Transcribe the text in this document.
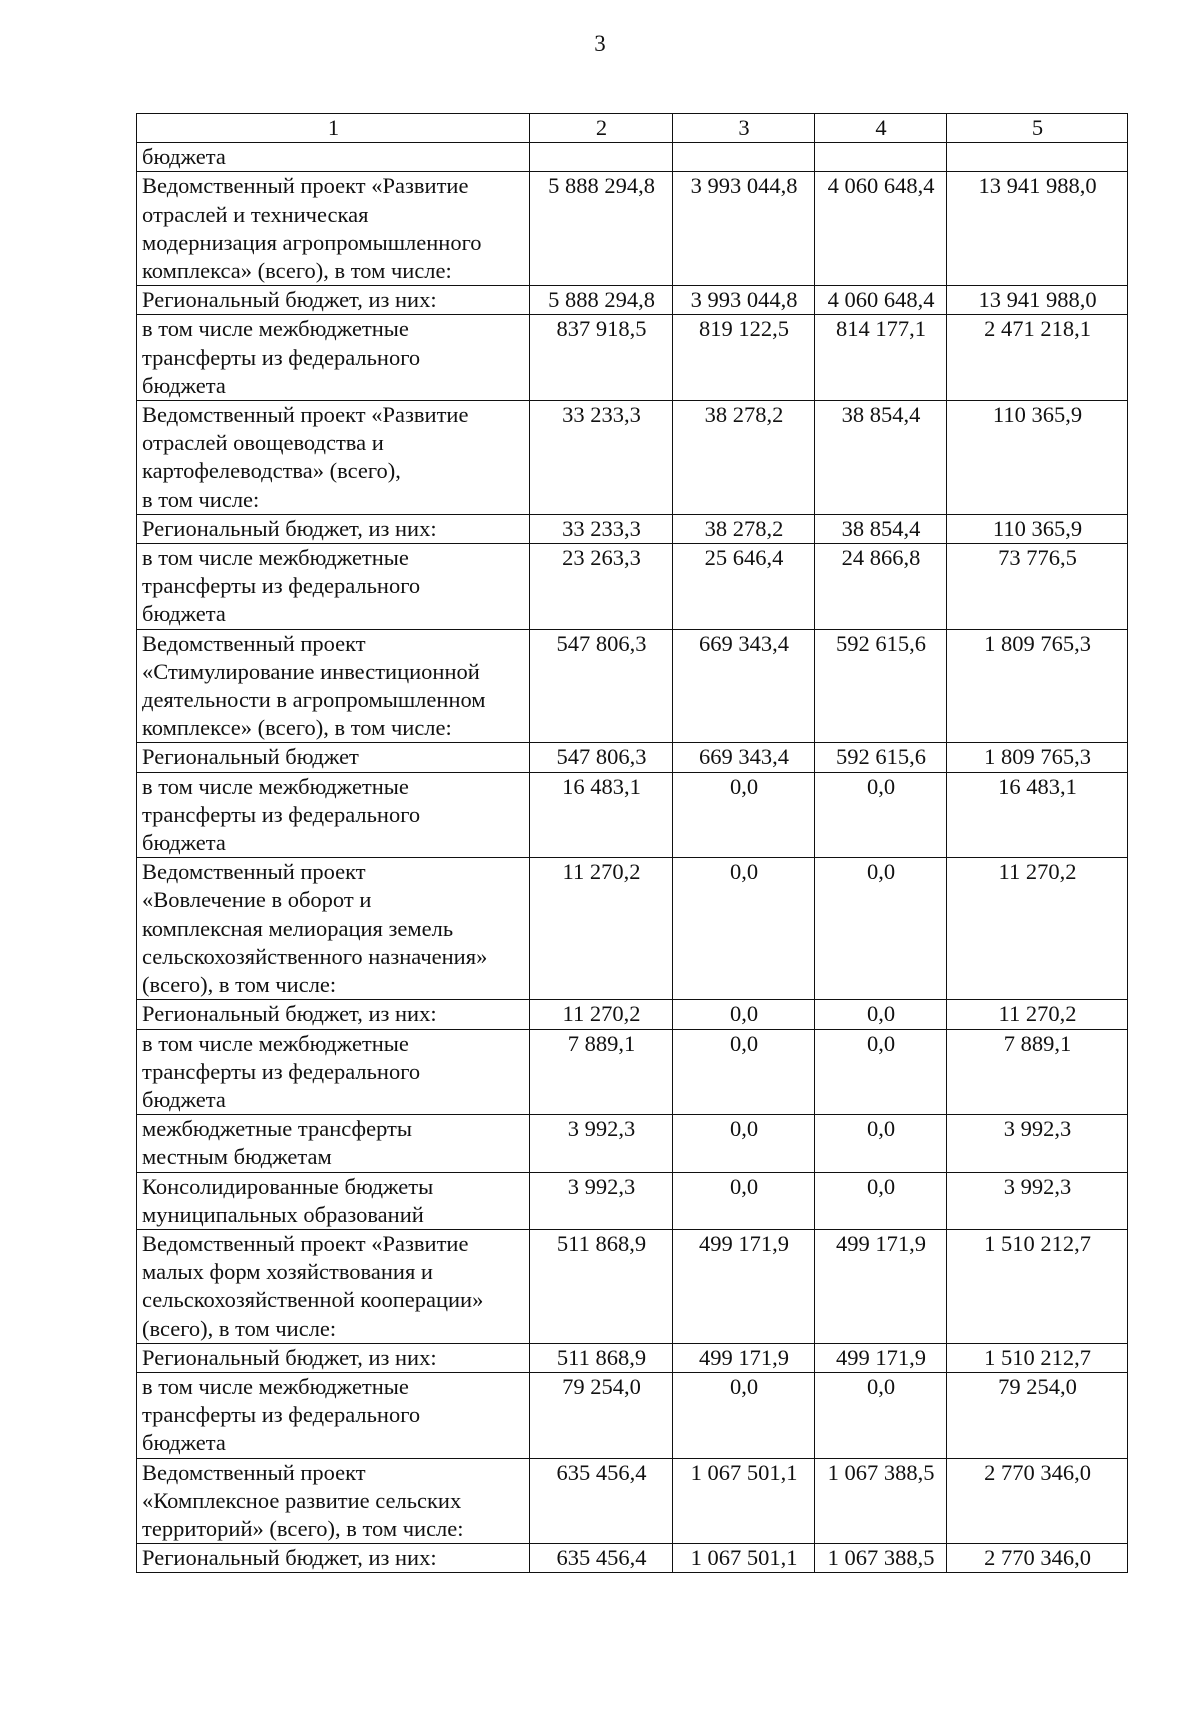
3
1	2	3	4	5
бюджета				
Ведомственный проект «Развитие
отраслей и техническая
модернизация агропромышленного
комплекса» (всего), в том числе:	5 888 294,8	3 993 044,8	4 060 648,4	13 941 988,0
Региональный бюджет, из них:	5 888 294,8	3 993 044,8	4 060 648,4	13 941 988,0
в том числе межбюджетные
трансферты из федерального
бюджета	837 918,5	819 122,5	814 177,1	2 471 218,1
Ведомственный проект «Развитие
отраслей овощеводства и
картофелеводства» (всего),
в том числе:	33 233,3	38 278,2	38 854,4	110 365,9
Региональный бюджет, из них:	33 233,3	38 278,2	38 854,4	110 365,9
в том числе межбюджетные
трансферты из федерального
бюджета	23 263,3	25 646,4	24 866,8	73 776,5
Ведомственный проект
«Стимулирование инвестиционной
деятельности в агропромышленном
комплексе» (всего), в том числе:	547 806,3	669 343,4	592 615,6	1 809 765,3
Региональный бюджет	547 806,3	669 343,4	592 615,6	1 809 765,3
в том числе межбюджетные
трансферты из федерального
бюджета	16 483,1	0,0	0,0	16 483,1
Ведомственный проект
«Вовлечение в оборот и
комплексная мелиорация земель
сельскохозяйственного назначения»
(всего), в том числе:	11 270,2	0,0	0,0	11 270,2
Региональный бюджет, из них:	11 270,2	0,0	0,0	11 270,2
в том числе межбюджетные
трансферты из федерального
бюджета	7 889,1	0,0	0,0	7 889,1
межбюджетные трансферты
местным бюджетам	3 992,3	0,0	0,0	3 992,3
Консолидированные бюджеты
муниципальных образований	3 992,3	0,0	0,0	3 992,3
Ведомственный проект «Развитие
малых форм хозяйствования и
сельскохозяйственной кооперации»
(всего), в том числе:	511 868,9	499 171,9	499 171,9	1 510 212,7
Региональный бюджет, из них:	511 868,9	499 171,9	499 171,9	1 510 212,7
в том числе межбюджетные
трансферты из федерального
бюджета	79 254,0	0,0	0,0	79 254,0
Ведомственный проект
«Комплексное развитие сельских
территорий» (всего), в том числе:	635 456,4	1 067 501,1	1 067 388,5	2 770 346,0
Региональный бюджет, из них:	635 456,4	1 067 501,1	1 067 388,5	2 770 346,0
